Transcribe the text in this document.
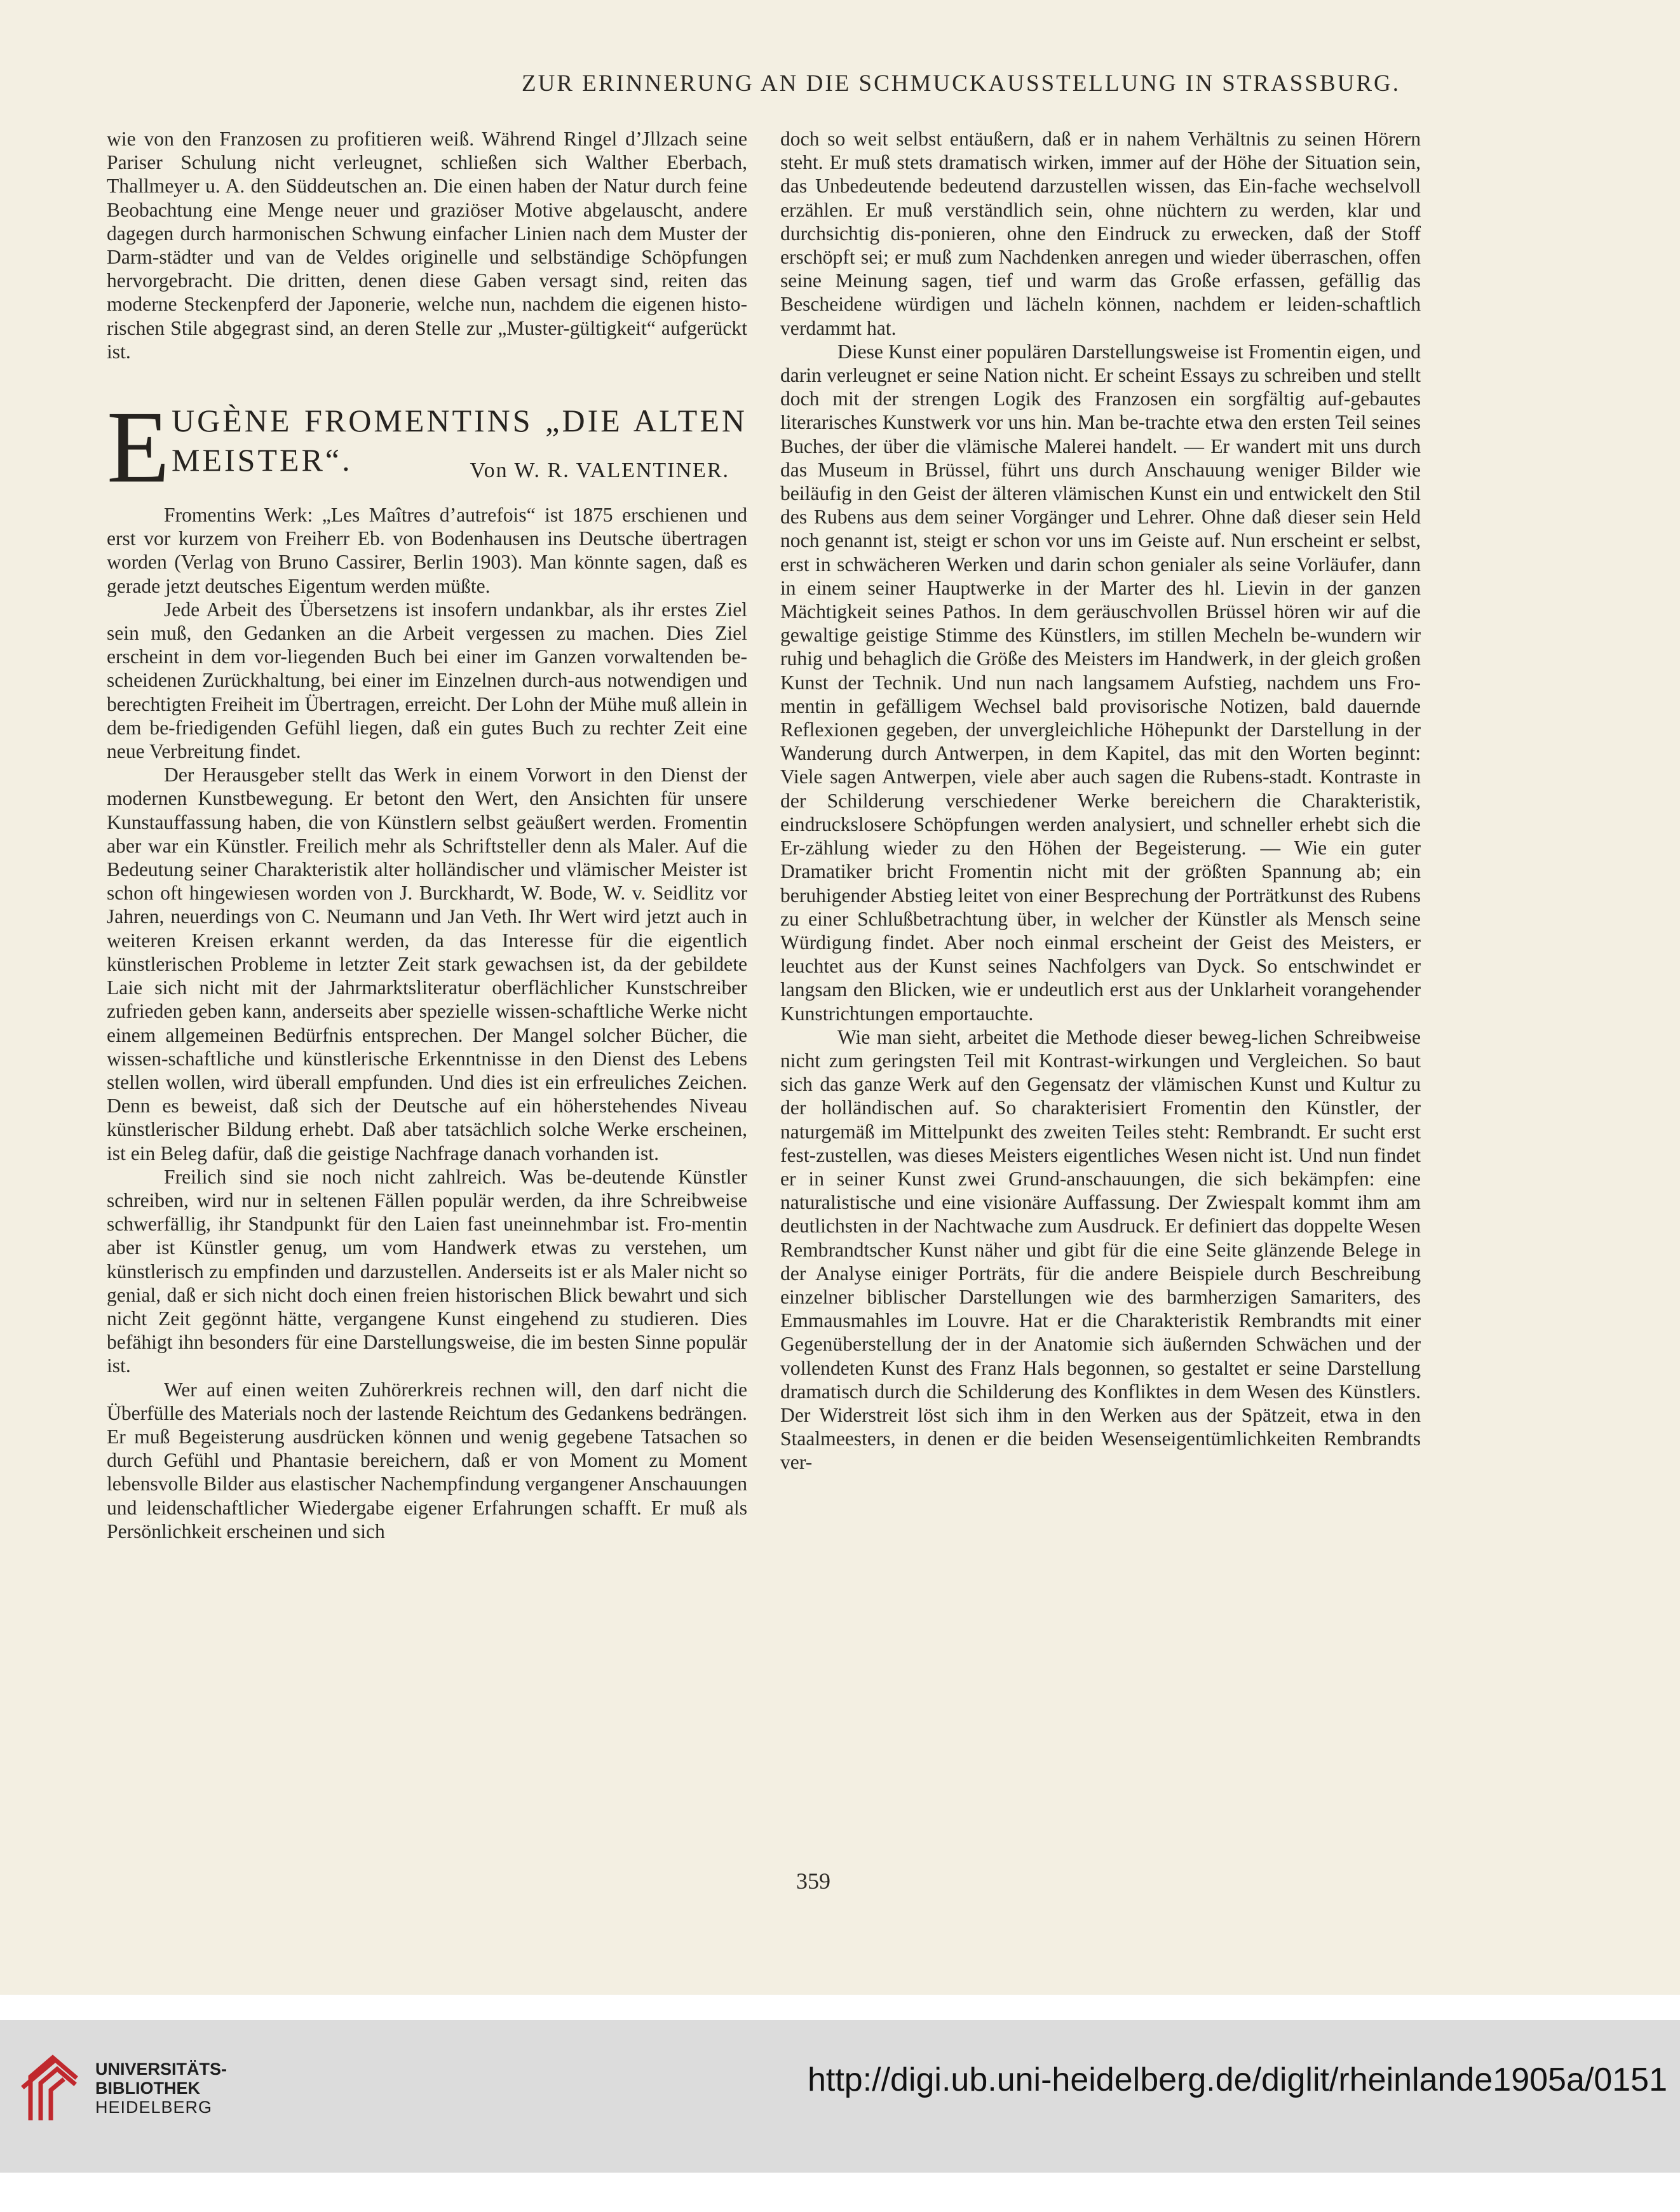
ZUR ERINNERUNG AN DIE SCHMUCKAUSSTELLUNG IN STRASSBURG.

wie von den Franzosen zu profitieren weiß. Während Ringel d’Jllzach seine Pariser Schulung nicht verleugnet, schließen sich Walther Eberbach, Thallmeyer u. A. den Süddeutschen an. Die einen haben der Natur durch feine Beobachtung eine Menge neuer und graziöser Motive abgelauscht, andere dagegen durch harmonischen Schwung einfacher Linien nach dem Muster der Darm-städter und van de Veldes originelle und selbständige Schöpfungen hervorgebracht. Die dritten, denen diese Gaben versagt sind, reiten das moderne Steckenpferd der Japonerie, welche nun, nachdem die eigenen histo-rischen Stile abgegrast sind, an deren Stelle zur „Muster-gültigkeit“ aufgerückt ist.

E UGÈNE FROMENTINS „DIE ALTEN
MEISTER“.	Von W. R. VALENTINER.

Fromentins Werk: „Les Maîtres d’autrefois“ ist 1875 erschienen und erst vor kurzem von Freiherr Eb. von Bodenhausen ins Deutsche übertragen worden (Verlag von Bruno Cassirer, Berlin 1903). Man könnte sagen, daß es gerade jetzt deutsches Eigentum werden müßte.

Jede Arbeit des Übersetzens ist insofern undankbar, als ihr erstes Ziel sein muß, den Gedanken an die Arbeit vergessen zu machen. Dies Ziel erscheint in dem vor-liegenden Buch bei einer im Ganzen vorwaltenden be-scheidenen Zurückhaltung, bei einer im Einzelnen durch-aus notwendigen und berechtigten Freiheit im Übertragen, erreicht. Der Lohn der Mühe muß allein in dem be-friedigenden Gefühl liegen, daß ein gutes Buch zu rechter Zeit eine neue Verbreitung findet.

Der Herausgeber stellt das Werk in einem Vorwort in den Dienst der modernen Kunstbewegung. Er betont den Wert, den Ansichten für unsere Kunstauffassung haben, die von Künstlern selbst geäußert werden. Fromentin aber war ein Künstler. Freilich mehr als Schriftsteller denn als Maler. Auf die Bedeutung seiner Charakteristik alter holländischer und vlämischer Meister ist schon oft hingewiesen worden von J. Burckhardt, W. Bode, W. v. Seidlitz vor Jahren, neuerdings von C. Neumann und Jan Veth. Ihr Wert wird jetzt auch in weiteren Kreisen erkannt werden, da das Interesse für die eigentlich künstlerischen Probleme in letzter Zeit stark gewachsen ist, da der gebildete Laie sich nicht mit der Jahrmarktsliteratur oberflächlicher Kunstschreiber zufrieden geben kann, anderseits aber spezielle wissen-schaftliche Werke nicht einem allgemeinen Bedürfnis entsprechen. Der Mangel solcher Bücher, die wissen-schaftliche und künstlerische Erkenntnisse in den Dienst des Lebens stellen wollen, wird überall empfunden. Und dies ist ein erfreuliches Zeichen. Denn es beweist, daß sich der Deutsche auf ein höherstehendes Niveau künstlerischer Bildung erhebt. Daß aber tatsächlich solche Werke erscheinen, ist ein Beleg dafür, daß die geistige Nachfrage danach vorhanden ist.

Freilich sind sie noch nicht zahlreich. Was be-deutende Künstler schreiben, wird nur in seltenen Fällen populär werden, da ihre Schreibweise schwerfällig, ihr Standpunkt für den Laien fast uneinnehmbar ist. Fro-mentin aber ist Künstler genug, um vom Handwerk etwas zu verstehen, um künstlerisch zu empfinden und darzustellen. Anderseits ist er als Maler nicht so genial, daß er sich nicht doch einen freien historischen Blick bewahrt und sich nicht Zeit gegönnt hätte, vergangene Kunst eingehend zu studieren. Dies befähigt ihn besonders für eine Darstellungsweise, die im besten Sinne populär ist.

Wer auf einen weiten Zuhörerkreis rechnen will, den darf nicht die Überfülle des Materials noch der lastende Reichtum des Gedankens bedrängen. Er muß Begeisterung ausdrücken können und wenig gegebene Tatsachen so durch Gefühl und Phantasie bereichern, daß er von Moment zu Moment lebensvolle Bilder aus elastischer Nachempfindung vergangener Anschauungen und leidenschaftlicher Wiedergabe eigener Erfahrungen schafft. Er muß als Persönlichkeit erscheinen und sich

doch so weit selbst entäußern, daß er in nahem Verhältnis zu seinen Hörern steht. Er muß stets dramatisch wirken, immer auf der Höhe der Situation sein, das Unbedeutende bedeutend darzustellen wissen, das Ein-fache wechselvoll erzählen. Er muß verständlich sein, ohne nüchtern zu werden, klar und durchsichtig dis-ponieren, ohne den Eindruck zu erwecken, daß der Stoff erschöpft sei; er muß zum Nachdenken anregen und wieder überraschen, offen seine Meinung sagen, tief und warm das Große erfassen, gefällig das Bescheidene würdigen und lächeln können, nachdem er leiden-schaftlich verdammt hat.

Diese Kunst einer populären Darstellungsweise ist Fromentin eigen, und darin verleugnet er seine Nation nicht. Er scheint Essays zu schreiben und stellt doch mit der strengen Logik des Franzosen ein sorgfältig auf-gebautes literarisches Kunstwerk vor uns hin. Man be-trachte etwa den ersten Teil seines Buches, der über die vlämische Malerei handelt. — Er wandert mit uns durch das Museum in Brüssel, führt uns durch Anschauung weniger Bilder wie beiläufig in den Geist der älteren vlämischen Kunst ein und entwickelt den Stil des Rubens aus dem seiner Vorgänger und Lehrer. Ohne daß dieser sein Held noch genannt ist, steigt er schon vor uns im Geiste auf. Nun erscheint er selbst, erst in schwächeren Werken und darin schon genialer als seine Vorläufer, dann in einem seiner Hauptwerke in der Marter des hl. Lievin in der ganzen Mächtigkeit seines Pathos. In dem geräuschvollen Brüssel hören wir auf die gewaltige geistige Stimme des Künstlers, im stillen Mecheln be-wundern wir ruhig und behaglich die Größe des Meisters im Handwerk, in der gleich großen Kunst der Technik. Und nun nach langsamem Aufstieg, nachdem uns Fro-mentin in gefälligem Wechsel bald provisorische Notizen, bald dauernde Reflexionen gegeben, der unvergleichliche Höhepunkt der Darstellung in der Wanderung durch Antwerpen, in dem Kapitel, das mit den Worten beginnt: Viele sagen Antwerpen, viele aber auch sagen die Rubens-stadt. Kontraste in der Schilderung verschiedener Werke bereichern die Charakteristik, eindruckslosere Schöpfungen werden analysiert, und schneller erhebt sich die Er-zählung wieder zu den Höhen der Begeisterung. — Wie ein guter Dramatiker bricht Fromentin nicht mit der größten Spannung ab; ein beruhigender Abstieg leitet von einer Besprechung der Porträtkunst des Rubens zu einer Schlußbetrachtung über, in welcher der Künstler als Mensch seine Würdigung findet. Aber noch einmal erscheint der Geist des Meisters, er leuchtet aus der Kunst seines Nachfolgers van Dyck. So entschwindet er langsam den Blicken, wie er undeutlich erst aus der Unklarheit vorangehender Kunstrichtungen emportauchte.

Wie man sieht, arbeitet die Methode dieser beweg-lichen Schreibweise nicht zum geringsten Teil mit Kontrast-wirkungen und Vergleichen. So baut sich das ganze Werk auf den Gegensatz der vlämischen Kunst und Kultur zu der holländischen auf. So charakterisiert Fromentin den Künstler, der naturgemäß im Mittelpunkt des zweiten Teiles steht: Rembrandt. Er sucht erst fest-zustellen, was dieses Meisters eigentliches Wesen nicht ist. Und nun findet er in seiner Kunst zwei Grund-anschauungen, die sich bekämpfen: eine naturalistische und eine visionäre Auffassung. Der Zwiespalt kommt ihm am deutlichsten in der Nachtwache zum Ausdruck. Er definiert das doppelte Wesen Rembrandtscher Kunst näher und gibt für die eine Seite glänzende Belege in der Analyse einiger Porträts, für die andere Beispiele durch Beschreibung einzelner biblischer Darstellungen wie des barmherzigen Samariters, des Emmausmahles im Louvre. Hat er die Charakteristik Rembrandts mit einer Gegenüberstellung der in der Anatomie sich äußernden Schwächen und der vollendeten Kunst des Franz Hals begonnen, so gestaltet er seine Darstellung dramatisch durch die Schilderung des Konfliktes in dem Wesen des Künstlers. Der Widerstreit löst sich ihm in den Werken aus der Spätzeit, etwa in den Staalmeesters, in denen er die beiden Wesenseigentümlichkeiten Rembrandts ver-

359
UNIVERSITÄTS-
BIBLIOTHEK
HEIDELBERG
http://digi.ub.uni-heidelberg.de/diglit/rheinlande1905a/0151
